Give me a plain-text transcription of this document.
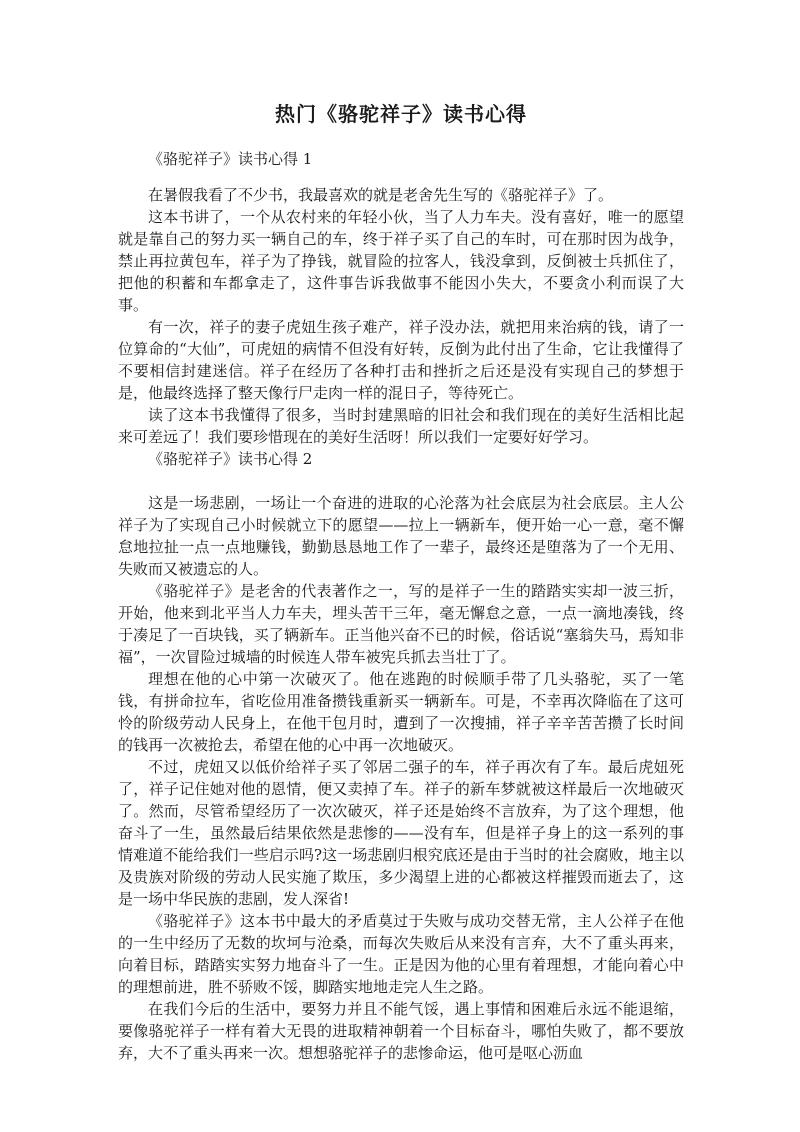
热门《骆驼祥子》读书心得

《骆驼祥子》读书心得 1

在暑假我看了不少书，我最喜欢的就是老舍先生写的《骆驼祥子》了。

这本书讲了，一个从农村来的年轻小伙，当了人力车夫。没有喜好，唯一的愿望就是靠自己的努力买一辆自己的车，终于祥子买了自己的车时，可在那时因为战争，禁止再拉黄包车，祥子为了挣钱，就冒险的拉客人，钱没拿到，反倒被士兵抓住了，把他的积蓄和车都拿走了，这件事告诉我做事不能因小失大，不要贪小利而误了大事。

有一次，祥子的妻子虎妞生孩子难产，祥子没办法，就把用来治病的钱，请了一位算命的“大仙”，可虎妞的病情不但没有好转，反倒为此付出了生命，它让我懂得了不要相信封建迷信。祥子在经历了各种打击和挫折之后还是没有实现自己的梦想于是，他最终选择了整天像行尸走肉一样的混日子，等待死亡。

读了这本书我懂得了很多，当时封建黑暗的旧社会和我们现在的美好生活相比起来可差远了！我们要珍惜现在的美好生活呀！所以我们一定要好好学习。

《骆驼祥子》读书心得 2

这是一场悲剧，一场让一个奋进的进取的心沦落为社会底层为社会底层。主人公祥子为了实现自己小时候就立下的愿望——拉上一辆新车，便开始一心一意，毫不懈怠地拉扯一点一点地赚钱，勤勤恳恳地工作了一辈子，最终还是堕落为了一个无用、失败而又被遗忘的人。

《骆驼祥子》是老舍的代表著作之一，写的是祥子一生的踏踏实实却一波三折，开始，他来到北平当人力车夫，埋头苦干三年，毫无懈怠之意，一点一滴地凑钱，终于凑足了一百块钱，买了辆新车。正当他兴奋不已的时候，俗话说“塞翁失马，焉知非福”，一次冒险过城墙的时候连人带车被宪兵抓去当壮丁了。

理想在他的心中第一次破灭了。他在逃跑的时候顺手带了几头骆驼，买了一笔钱，有拼命拉车，省吃俭用准备攒钱重新买一辆新车。可是，不幸再次降临在了这可怜的阶级劳动人民身上，在他干包月时，遭到了一次搜捕，祥子辛辛苦苦攒了长时间的钱再一次被抢去，希望在他的心中再一次地破灭。

不过，虎妞又以低价给祥子买了邻居二强子的车，祥子再次有了车。最后虎妞死了，祥子记住她对他的恩情，便又卖掉了车。祥子的新车梦就被这样最后一次地破灭了。然而，尽管希望经历了一次次破灭，祥子还是始终不言放弃，为了这个理想，他奋斗了一生，虽然最后结果依然是悲惨的——没有车，但是祥子身上的这一系列的事情难道不能给我们一些启示吗?这一场悲剧归根究底还是由于当时的社会腐败，地主以及贵族对阶级的劳动人民实施了欺压，多少渴望上进的心都被这样摧毁而逝去了，这是一场中华民族的悲剧，发人深省!

《骆驼祥子》这本书中最大的矛盾莫过于失败与成功交替无常，主人公祥子在他的一生中经历了无数的坎坷与沧桑，而每次失败后从来没有言弃，大不了重头再来，向着目标，踏踏实实努力地奋斗了一生。正是因为他的心里有着理想，才能向着心中的理想前进，胜不骄败不馁，脚踏实地地走完人生之路。

在我们今后的生活中，要努力并且不能气馁，遇上事情和困难后永远不能退缩，要像骆驼祥子一样有着大无畏的进取精神朝着一个目标奋斗，哪怕失败了，都不要放弃，大不了重头再来一次。想想骆驼祥子的悲惨命运，他可是呕心沥血
